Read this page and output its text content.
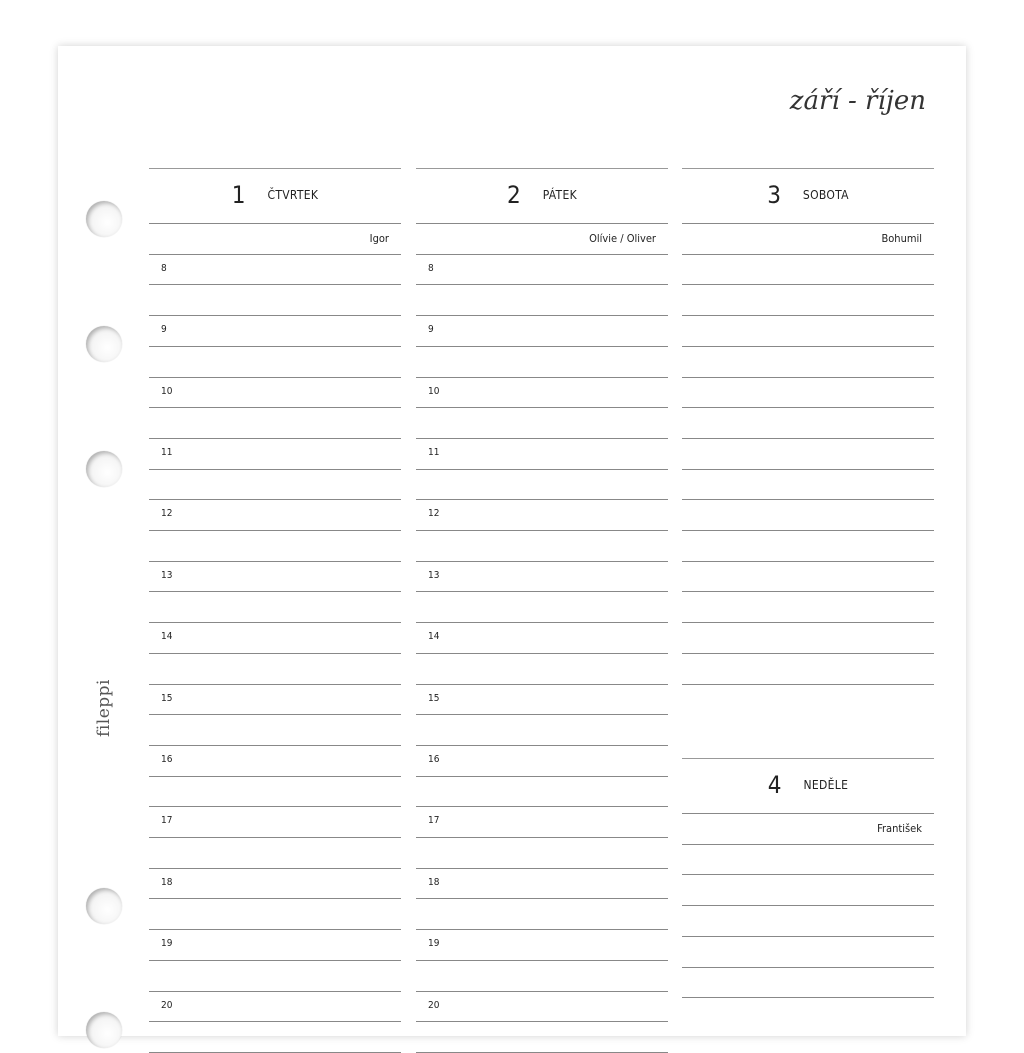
září - říjen
fileppi
1 ČTVRTEK
Igor
8
9
10
11
12
13
14
15
16
17
18
19
20
2 PÁTEK
Olívie / Oliver
8
9
10
11
12
13
14
15
16
17
18
19
20
3 SOBOTA
Bohumil
4 NEDĚLE
František
